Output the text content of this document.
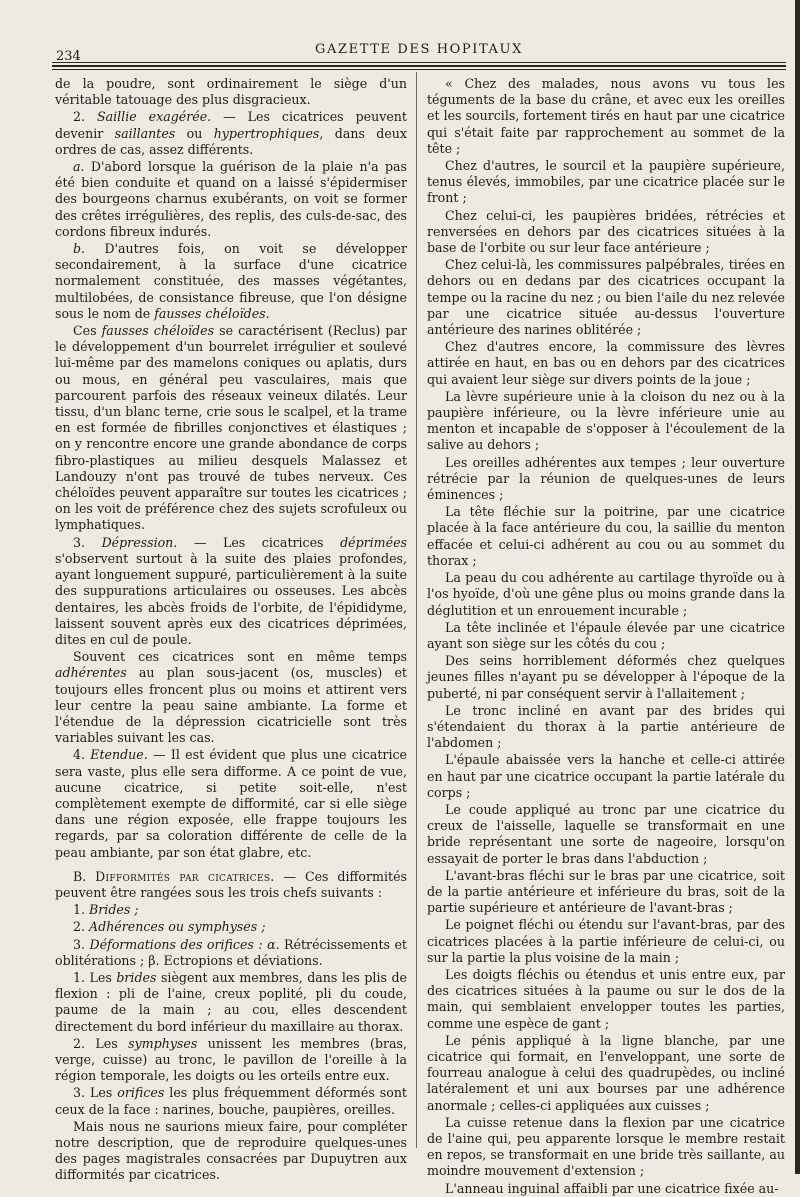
234	GAZETTE DES HOPITAUX

de la poudre, sont ordinairement le siège d'un véritable tatouage des plus disgracieux.

2. Saillie exagérée. — Les cicatrices peuvent devenir saillantes ou hypertrophiques, dans deux ordres de cas, assez différents.

a. D'abord lorsque la guérison de la plaie n'a pas été bien conduite et quand on a laissé s'épidermiser des bourgeons charnus exubérants, on voit se former des crêtes irrégulières, des replis, des culs-de-sac, des cordons fibreux indurés.

b. D'autres fois, on voit se développer secondairement, à la surface d'une cicatrice normalement constituée, des masses végétantes, multilobées, de consistance fibreuse, que l'on désigne sous le nom de fausses chéloïdes.

Ces fausses chéloïdes se caractérisent (Reclus) par le développement d'un bourrelet irrégulier et soulevé lui-même par des mamelons coniques ou aplatis, durs ou mous, en général peu vasculaires, mais que parcourent parfois des réseaux veineux dilatés. Leur tissu, d'un blanc terne, crie sous le scalpel, et la trame en est formée de fibrilles conjonctives et élastiques ; on y rencontre encore une grande abondance de corps fibro-plastiques au milieu desquels Malassez et Landouzy n'ont pas trouvé de tubes nerveux. Ces chéloïdes peuvent apparaître sur toutes les cicatrices ; on les voit de préférence chez des sujets scrofuleux ou lymphatiques.

3. Dépression. — Les cicatrices déprimées s'observent surtout à la suite des plaies profondes, ayant longuement suppuré, particulièrement à la suite des suppurations articulaires ou osseuses. Les abcès dentaires, les abcès froids de l'orbite, de l'épididyme, laissent souvent après eux des cicatrices déprimées, dites en cul de poule.

Souvent ces cicatrices sont en même temps adhérentes au plan sous-jacent (os, muscles) et toujours elles froncent plus ou moins et attirent vers leur centre la peau saine ambiante. La forme et l'étendue de la dépression cicatricielle sont très variables suivant les cas.

4. Etendue. — Il est évident que plus une cicatrice sera vaste, plus elle sera difforme. A ce point de vue, aucune cicatrice, si petite soit-elle, n'est complètement exempte de difformité, car si elle siège dans une région exposée, elle frappe toujours les regards, par sa coloration différente de celle de la peau ambiante, par son état glabre, etc.

B. Difformités par cicatrices. — Ces difformités peuvent être rangées sous les trois chefs suivants :

1. Brides ;

2. Adhérences ou symphyses ;

3. Déformations des orifices : α. Rétrécissements et oblitérations ; β. Ectropions et déviations.

1. Les brides siègent aux membres, dans les plis de flexion : pli de l'aine, creux poplité, pli du coude, paume de la main ; au cou, elles descendent directement du bord inférieur du maxillaire au thorax.

2. Les symphyses unissent les membres (bras, verge, cuisse) au tronc, le pavillon de l'oreille à la région temporale, les doigts ou les orteils entre eux.

3. Les orifices les plus fréquemment déformés sont ceux de la face : narines, bouche, paupières, oreilles.

Mais nous ne saurions mieux faire, pour compléter notre description, que de reproduire quelques-unes des pages magistrales consacrées par Dupuytren aux difformités par cicatrices.

« Chez des malades, nous avons vu tous les téguments de la base du crâne, et avec eux les oreilles et les sourcils, fortement tirés en haut par une cicatrice qui s'était faite par rapprochement au sommet de la tête ;

Chez d'autres, le sourcil et la paupière supérieure, tenus élevés, immobiles, par une cicatrice placée sur le front ;

Chez celui-ci, les paupières bridées, rétrécies et renversées en dehors par des cicatrices situées à la base de l'orbite ou sur leur face antérieure ;

Chez celui-là, les commissures palpébrales, tirées en dehors ou en dedans par des cicatrices occupant la tempe ou la racine du nez ; ou bien l'aile du nez relevée par une cicatrice située au-dessus l'ouverture antérieure des narines oblitérée ;

Chez d'autres encore, la commissure des lèvres attirée en haut, en bas ou en dehors par des cicatrices qui avaient leur siège sur divers points de la joue ;

La lèvre supérieure unie à la cloison du nez ou à la paupière inférieure, ou la lèvre inférieure unie au menton et incapable de s'opposer à l'écoulement de la salive au dehors ;

Les oreilles adhérentes aux tempes ; leur ouverture rétrécie par la réunion de quelques-unes de leurs éminences ;

La tête fléchie sur la poitrine, par une cicatrice placée à la face antérieure du cou, la saillie du menton effacée et celui-ci adhérent au cou ou au sommet du thorax ;

La peau du cou adhérente au cartilage thyroïde ou à l'os hyoïde, d'où une gêne plus ou moins grande dans la déglutition et un enrouement incurable ;

La tête inclinée et l'épaule élevée par une cicatrice ayant son siège sur les côtés du cou ;

Des seins horriblement déformés chez quelques jeunes filles n'ayant pu se développer à l'époque de la puberté, ni par conséquent servir à l'allaitement ;

Le tronc incliné en avant par des brides qui s'étendaient du thorax à la partie antérieure de l'abdomen ;

L'épaule abaissée vers la hanche et celle-ci attirée en haut par une cicatrice occupant la partie latérale du corps ;

Le coude appliqué au tronc par une cicatrice du creux de l'aisselle, laquelle se transformait en une bride représentant une sorte de nageoire, lorsqu'on essayait de porter le bras dans l'abduction ;

L'avant-bras fléchi sur le bras par une cicatrice, soit de la partie antérieure et inférieure du bras, soit de la partie supérieure et antérieure de l'avant-bras ;

Le poignet fléchi ou étendu sur l'avant-bras, par des cicatrices placées à la partie inférieure de celui-ci, ou sur la partie la plus voisine de la main ;

Les doigts fléchis ou étendus et unis entre eux, par des cicatrices situées à la paume ou sur le dos de la main, qui semblaient envelopper toutes les parties, comme une espèce de gant ;

Le pénis appliqué à la ligne blanche, par une cicatrice qui formait, en l'enveloppant, une sorte de fourreau analogue à celui des quadrupèdes, ou incliné latéralement et uni aux bourses par une adhérence anormale ; celles-ci appliquées aux cuisses ;

La cuisse retenue dans la flexion par une cicatrice de l'aine qui, peu apparente lorsque le membre restait en repos, se transformait en une bride très saillante, au moindre mouvement d'extension ;

L'anneau inguinal affaibli par une cicatrice fixée au-
